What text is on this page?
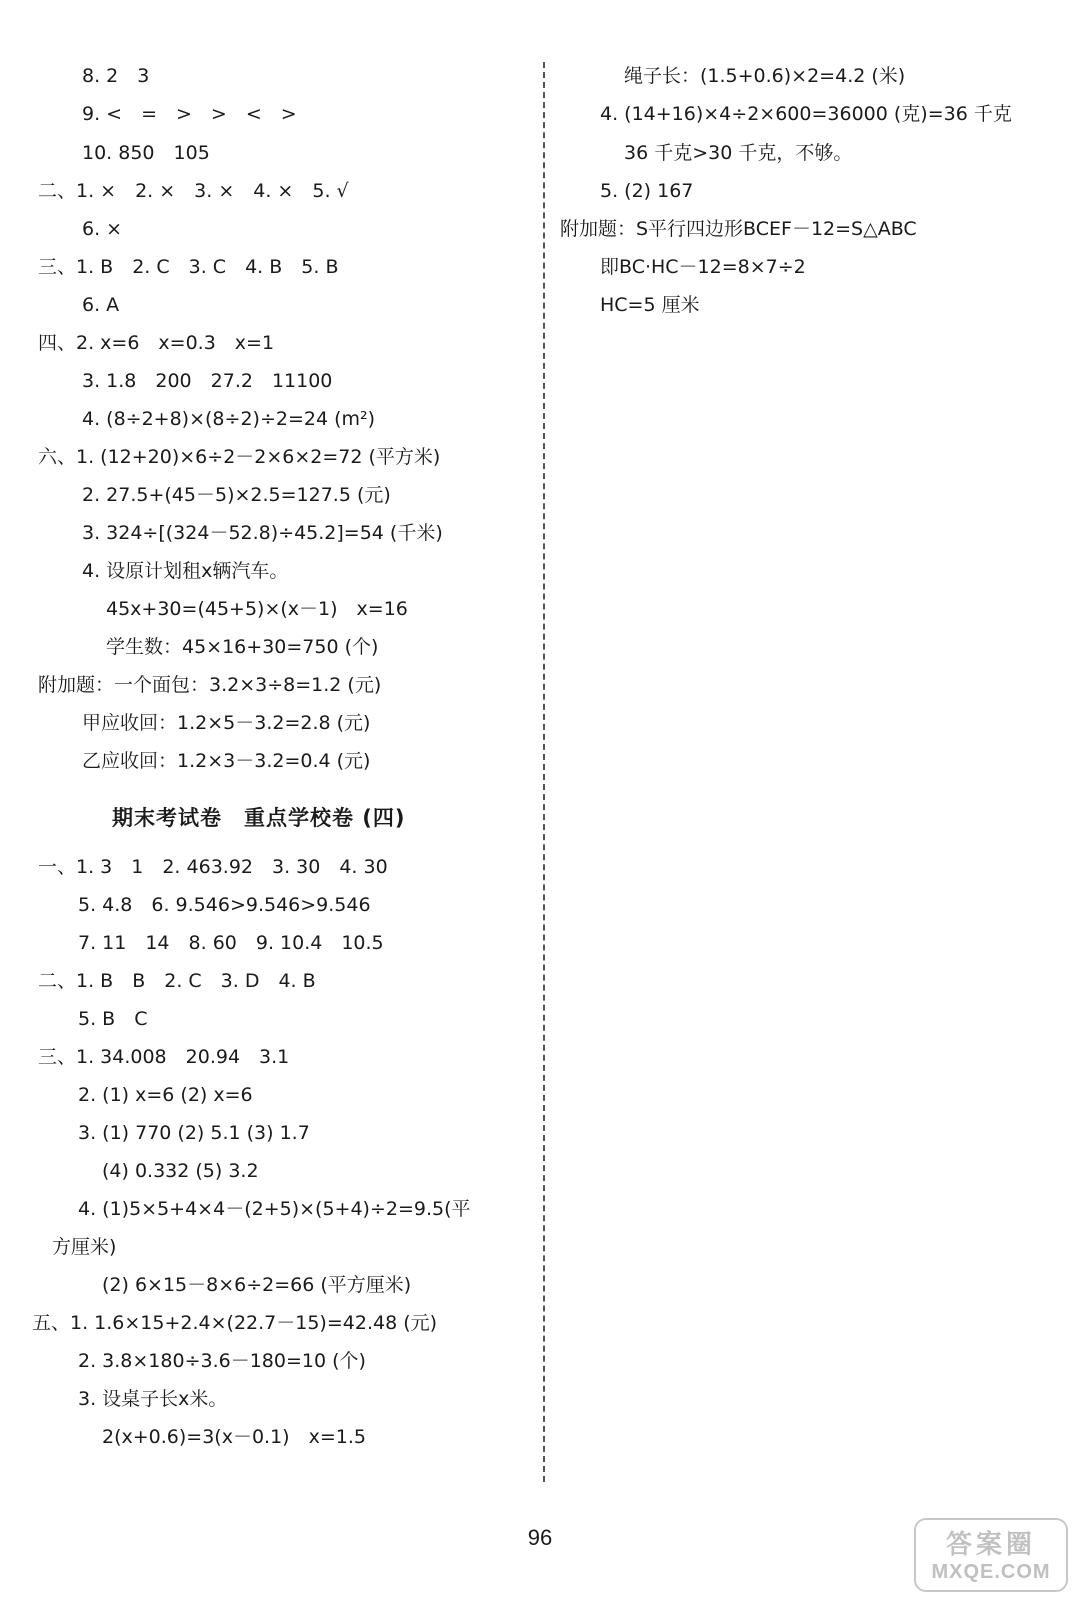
8. 2　3
9. <　=　>　>　<　>
10. 850　105
二、1. ×　2. ×　3. ×　4. ×　5. √
6. ×
三、1. B　2. C　3. C　4. B　5. B
6. A
四、2. x=6　x=0.3　x=1
3. 1.8　200　27.2　11100
4. (8÷2+8)×(8÷2)÷2=24 (m²)
六、1. (12+20)×6÷2－2×6×2=72 (平方米)
2. 27.5+(45－5)×2.5=127.5 (元)
3. 324÷[(324－52.8)÷45.2]=54 (千米)
4. 设原计划租x辆汽车。
45x+30=(45+5)×(x－1)　x=16
学生数：45×16+30=750 (个)
附加题：一个面包：3.2×3÷8=1.2 (元)
甲应收回：1.2×5－3.2=2.8 (元)
乙应收回：1.2×3－3.2=0.4 (元)
期末考试卷　重点学校卷 (四)
一、1. 3　1　2. 463.92　3. 30　4. 30
5. 4.8　6. 9.546>9.546>9.546
7. 11　14　8. 60　9. 10.4　10.5
二、1. B　B　2. C　3. D　4. B
5. B　C
三、1. 34.008　20.94　3.1
2. (1) x=6 (2) x=6
3. (1) 770 (2) 5.1 (3) 1.7
(4) 0.332 (5) 3.2
4. (1)5×5+4×4－(2+5)×(5+4)÷2=9.5(平
方厘米)
(2) 6×15－8×6÷2=66 (平方厘米)
五、1. 1.6×15+2.4×(22.7－15)=42.48 (元)
2. 3.8×180÷3.6－180=10 (个)
3. 设桌子长x米。
2(x+0.6)=3(x－0.1)　x=1.5
绳子长：(1.5+0.6)×2=4.2 (米)
4. (14+16)×4÷2×600=36000 (克)=36 千克
36 千克>30 千克，不够。
5. (2) 167
附加题：S平行四边形BCEF－12=S△ABC
即BC·HC－12=8×7÷2
HC=5 厘米
96	答案圈
MXQE.COM
